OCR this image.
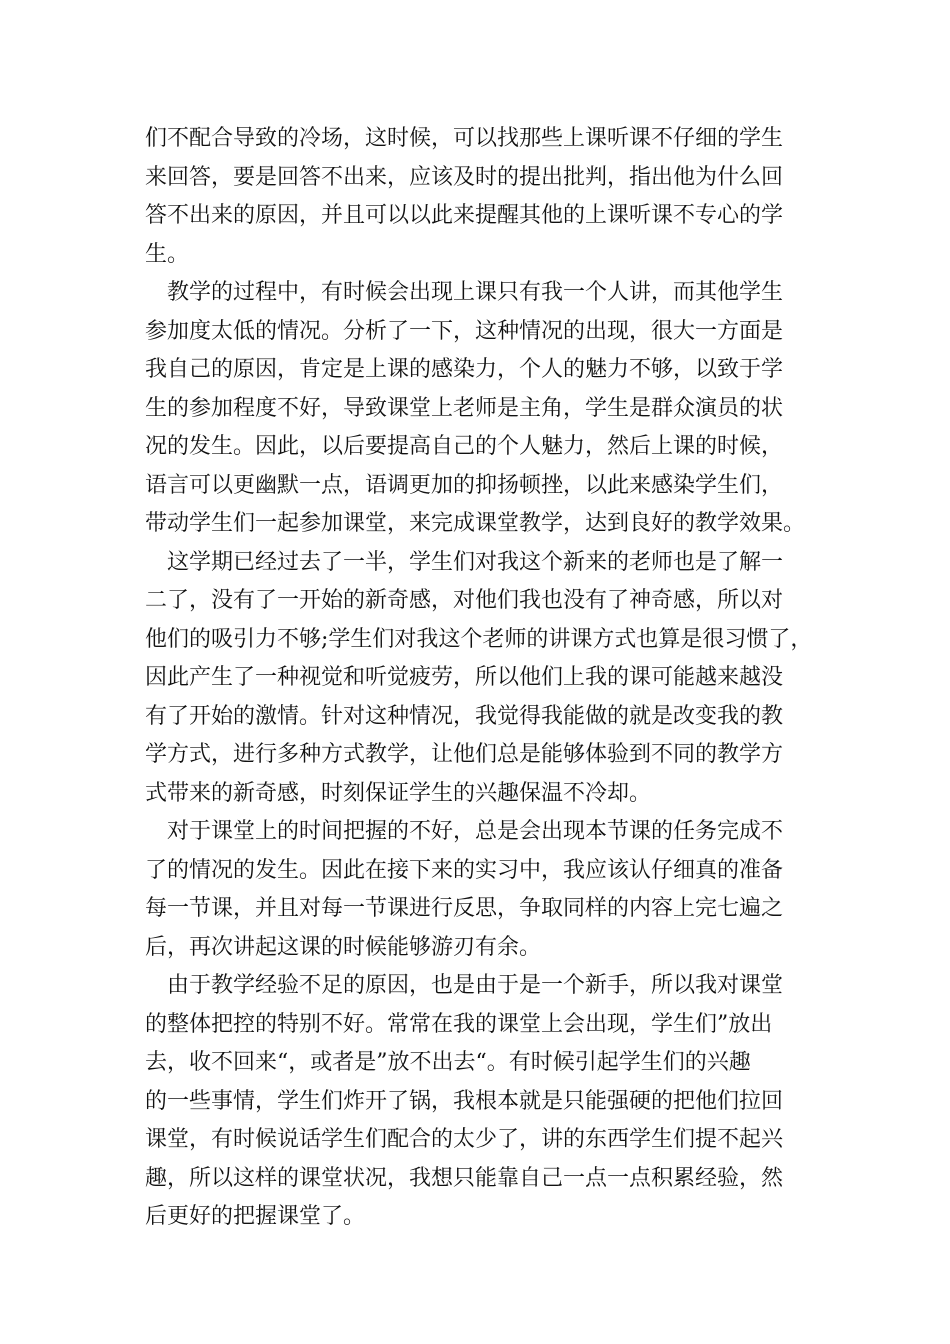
们不配合导致的冷场，这时候，可以找那些上课听课不仔细的学生
来回答，要是回答不出来，应该及时的提出批判，指出他为什么回
答不出来的原因，并且可以以此来提醒其他的上课听课不专心的学
生。
教学的过程中，有时候会出现上课只有我一个人讲，而其他学生
参加度太低的情况。分析了一下，这种情况的出现，很大一方面是
我自己的原因，肯定是上课的感染力，个人的魅力不够，以致于学
生的参加程度不好，导致课堂上老师是主角，学生是群众演员的状
况的发生。因此，以后要提高自己的个人魅力，然后上课的时候，
语言可以更幽默一点，语调更加的抑扬顿挫，以此来感染学生们，
带动学生们一起参加课堂，来完成课堂教学，达到良好的教学效果。
这学期已经过去了一半，学生们对我这个新来的老师也是了解一
二了，没有了一开始的新奇感，对他们我也没有了神奇感，所以对
他们的吸引力不够;学生们对我这个老师的讲课方式也算是很习惯了，
因此产生了一种视觉和听觉疲劳，所以他们上我的课可能越来越没
有了开始的激情。针对这种情况，我觉得我能做的就是改变我的教
学方式，进行多种方式教学，让他们总是能够体验到不同的教学方
式带来的新奇感，时刻保证学生的兴趣保温不冷却。
对于课堂上的时间把握的不好，总是会出现本节课的任务完成不
了的情况的发生。因此在接下来的实习中，我应该认仔细真的准备
每一节课，并且对每一节课进行反思，争取同样的内容上完七遍之
后，再次讲起这课的时候能够游刃有余。
由于教学经验不足的原因，也是由于是一个新手，所以我对课堂
的整体把控的特别不好。常常在我的课堂上会出现，学生们”放出
去，收不回来“，或者是”放不出去“。有时候引起学生们的兴趣
的一些事情，学生们炸开了锅，我根本就是只能强硬的把他们拉回
课堂，有时候说话学生们配合的太少了，讲的东西学生们提不起兴
趣，所以这样的课堂状况，我想只能靠自己一点一点积累经验，然
后更好的把握课堂了。
